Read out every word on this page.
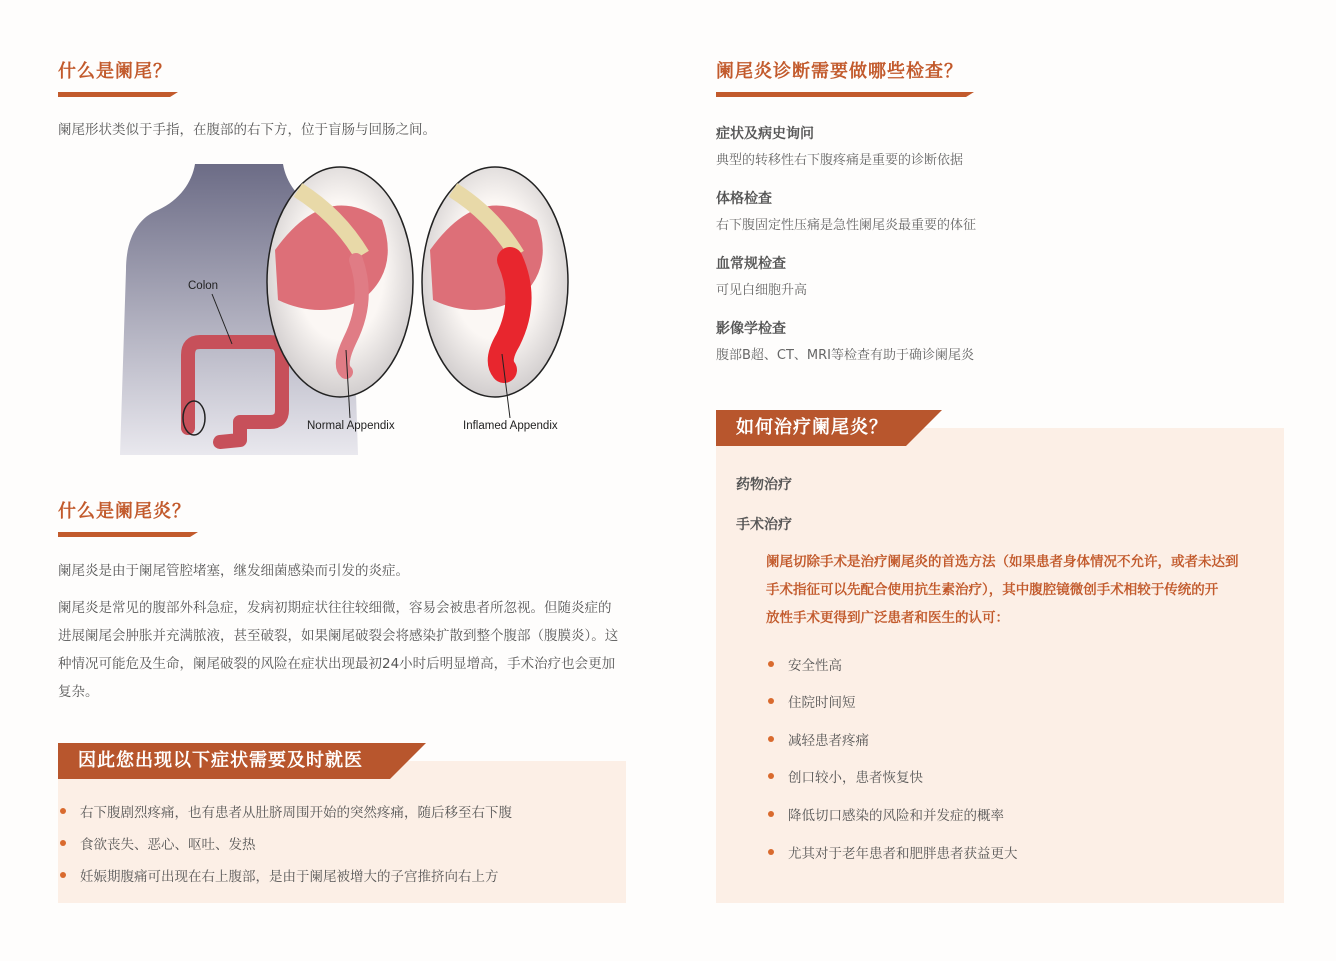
什么是阑尾？

阑尾形状类似于手指，在腹部的右下方，位于盲肠与回肠之间。

Colon
Normal Appendix	Inflamed Appendix
什么是阑尾炎？

阑尾炎是由于阑尾管腔堵塞，继发细菌感染而引发的炎症。

阑尾炎是常见的腹部外科急症，发病初期症状往往较细微，容易会被患者所忽视。但随炎症的

进展阑尾会肿胀并充满脓液，甚至破裂，如果阑尾破裂会将感染扩散到整个腹部（腹膜炎）。这

种情况可能危及生命，阑尾破裂的风险在症状出现最初24小时后明显增高，手术治疗也会更加

复杂。

右下腹剧烈疼痛，也有患者从肚脐周围开始的突然疼痛，随后移至右下腹
食欲丧失、恶心、呕吐、发热
妊娠期腹痛可出现在右上腹部，是由于阑尾被增大的子宫推挤向右上方
因此您出现以下症状需要及时就医
阑尾炎诊断需要做哪些检查？

症状及病史询问

典型的转移性右下腹疼痛是重要的诊断依据

体格检查

右下腹固定性压痛是急性阑尾炎最重要的体征

血常规检查

可见白细胞升高

影像学检查

腹部B超、CT、MRI等检查有助于确诊阑尾炎

药物治疗

手术治疗

阑尾切除手术是治疗阑尾炎的首选方法（如果患者身体情况不允许，或者未达到

手术指征可以先配合使用抗生素治疗），其中腹腔镜微创手术相较于传统的开

放性手术更得到广泛患者和医生的认可：

安全性高
住院时间短
减轻患者疼痛
创口较小，患者恢复快
降低切口感染的风险和并发症的概率
尤其对于老年患者和肥胖患者获益更大
如何治疗阑尾炎？
